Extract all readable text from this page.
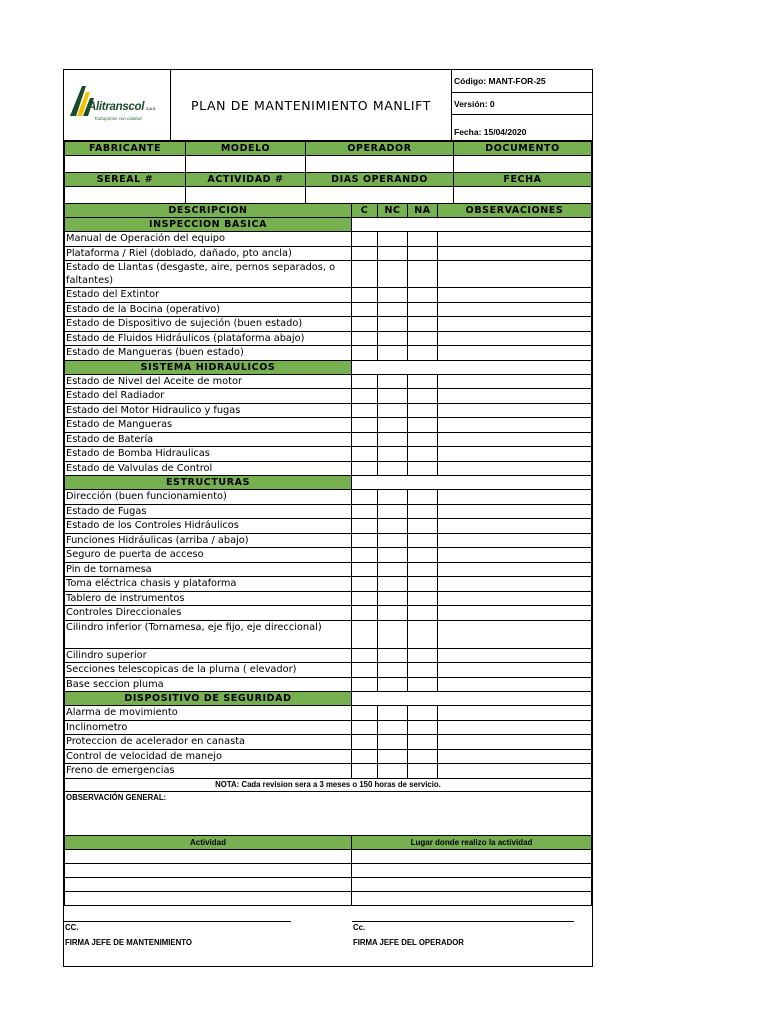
Alitranscol S.A.S
Trabajamos con calidad
PLAN DE MANTENIMIENTO MANLIFT
Código: MANT-FOR-25
Versión: 0
Fecha: 15/04/2020
FABRICANTE	MODELO	OPERADOR	DOCUMENTO

SEREAL #	ACTIVIDAD #	DIAS OPERANDO	FECHA

DESCRIPCION	C	NC	NA	OBSERVACIONES
INSPECCION BASICA				
Manual de Operación del equipo				
Plataforma / Riel (doblado, dañado, pto ancla)				
Estado de Llantas (desgaste, aire, pernos separados, o faltantes)				
Estado del Extintor				
Estado de la Bocina (operativo)				
Estado de Dispositivo de sujeción (buen estado)				
Estado de Fluidos Hidráulicos (plataforma abajo)				
Estado de Mangueras (buen estado)				
SISTEMA HIDRAULICOS				
Estado de Nivel del Aceite de motor				
Estado del Radiador				
Estado del Motor Hidraulico y fugas				
Estado de Mangueras				
Estado de Batería				
Estado de Bomba Hidraulicas				
Estado de Valvulas de Control				
ESTRUCTURAS				
Dirección (buen funcionamiento)				
Estado de Fugas				
Estado de los Controles Hidráulicos				
Funciones Hidráulicas (arriba / abajo)				
Seguro de puerta de acceso				
Pin de tornamesa				
Toma eléctrica chasis y plataforma				
Tablero de instrumentos				
Controles Direccionales				
Cilindro inferior (Tornamesa, eje fijo, eje direccional)				
Cilindro superior				
Secciones telescopicas de la pluma ( elevador)				
Base seccion pluma				
DISPOSITIVO DE SEGURIDAD				
Alarma de movimiento				
Inclinometro				
Proteccion de acelerador en canasta				
Control de velocidad de manejo				
Freno de emergencias				
NOTA: Cada revision sera a 3 meses o 150 horas de servicio.				
OBSERVACIÓN GENERAL:				
Actividad	Lugar donde realizo la actividad

CC.
FIRMA JEFE DE MANTENIMIENTO
Cc.
FIRMA JEFE DEL OPERADOR
